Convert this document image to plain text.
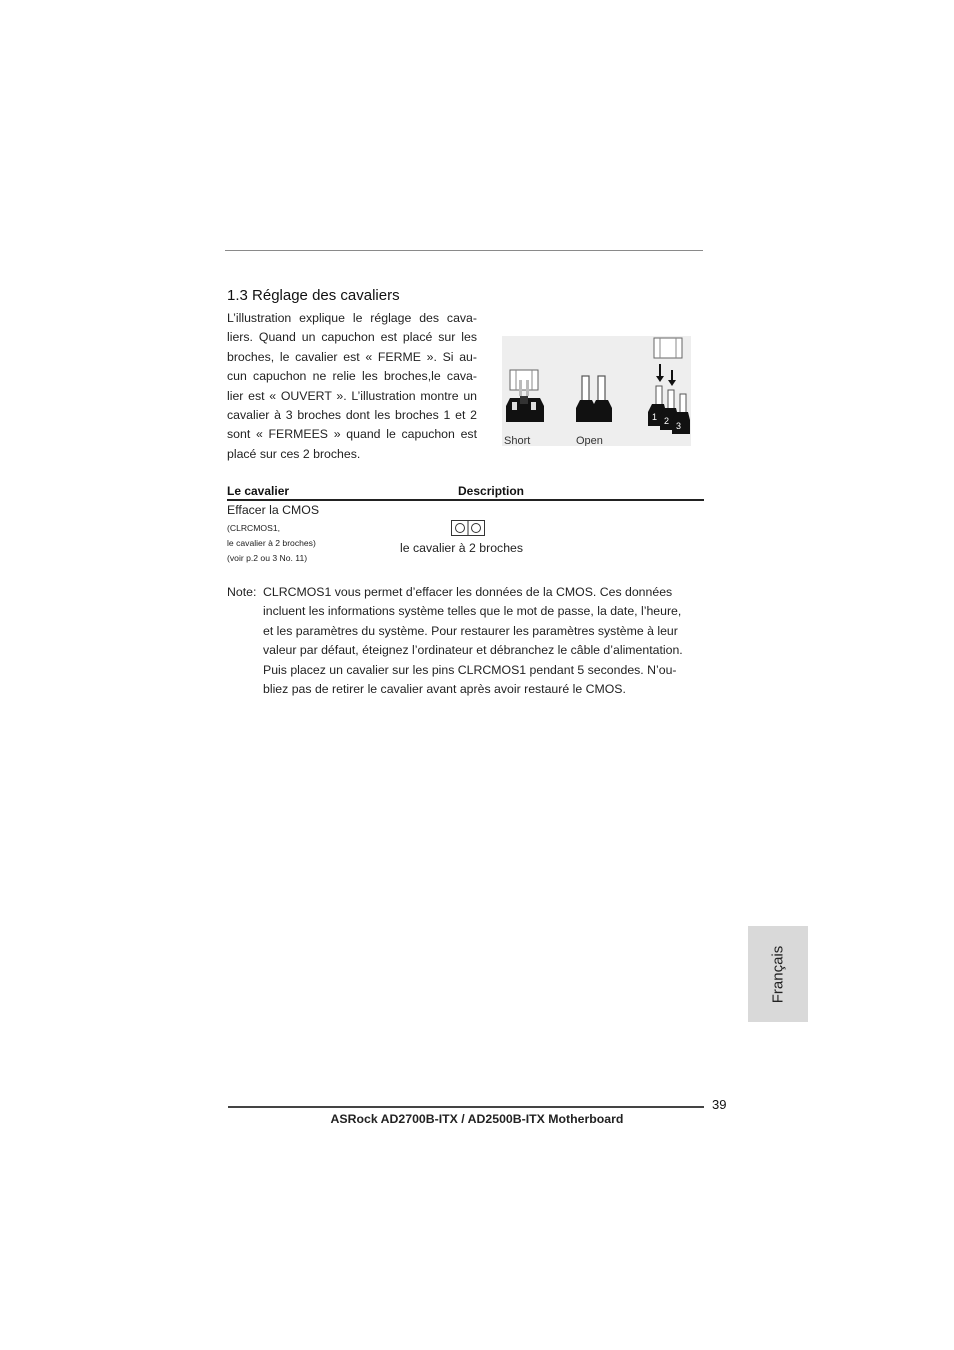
1.3 Réglage des cavaliers
L’illustration explique le réglage des cava-
liers. Quand un capuchon est placé sur les
broches, le cavalier est « FERME ». Si au-
cun capuchon ne relie les broches,le cava-
lier est « OUVERT ». L’illustration montre un
cavalier à 3 broches dont les broches 1 et 2
sont « FERMEES » quand le capuchon est
placé sur ces 2 broches.
Short	Open
1 2 3
Le cavalier	Description
Effacer la CMOS
(CLRCMOS1,
le cavalier à 2 broches)
(voir p.2 ou 3 No. 11)
le cavalier à 2 broches
Note: CLRCMOS1 vous permet d’effacer les données de la CMOS. Ces données
incluent les informations système telles que le mot de passe, la date, l’heure,
et les paramètres du système. Pour restaurer les paramètres système à leur
valeur par défaut, éteignez l’ordinateur et débranchez le câble d’alimentation.
Puis placez un cavalier sur les pins CLRCMOS1 pendant 5 secondes. N’ou-
bliez pas de retirer le cavalier avant après avoir restauré le CMOS.
Français
39
ASRock AD2700B-ITX / AD2500B-ITX Motherboard
